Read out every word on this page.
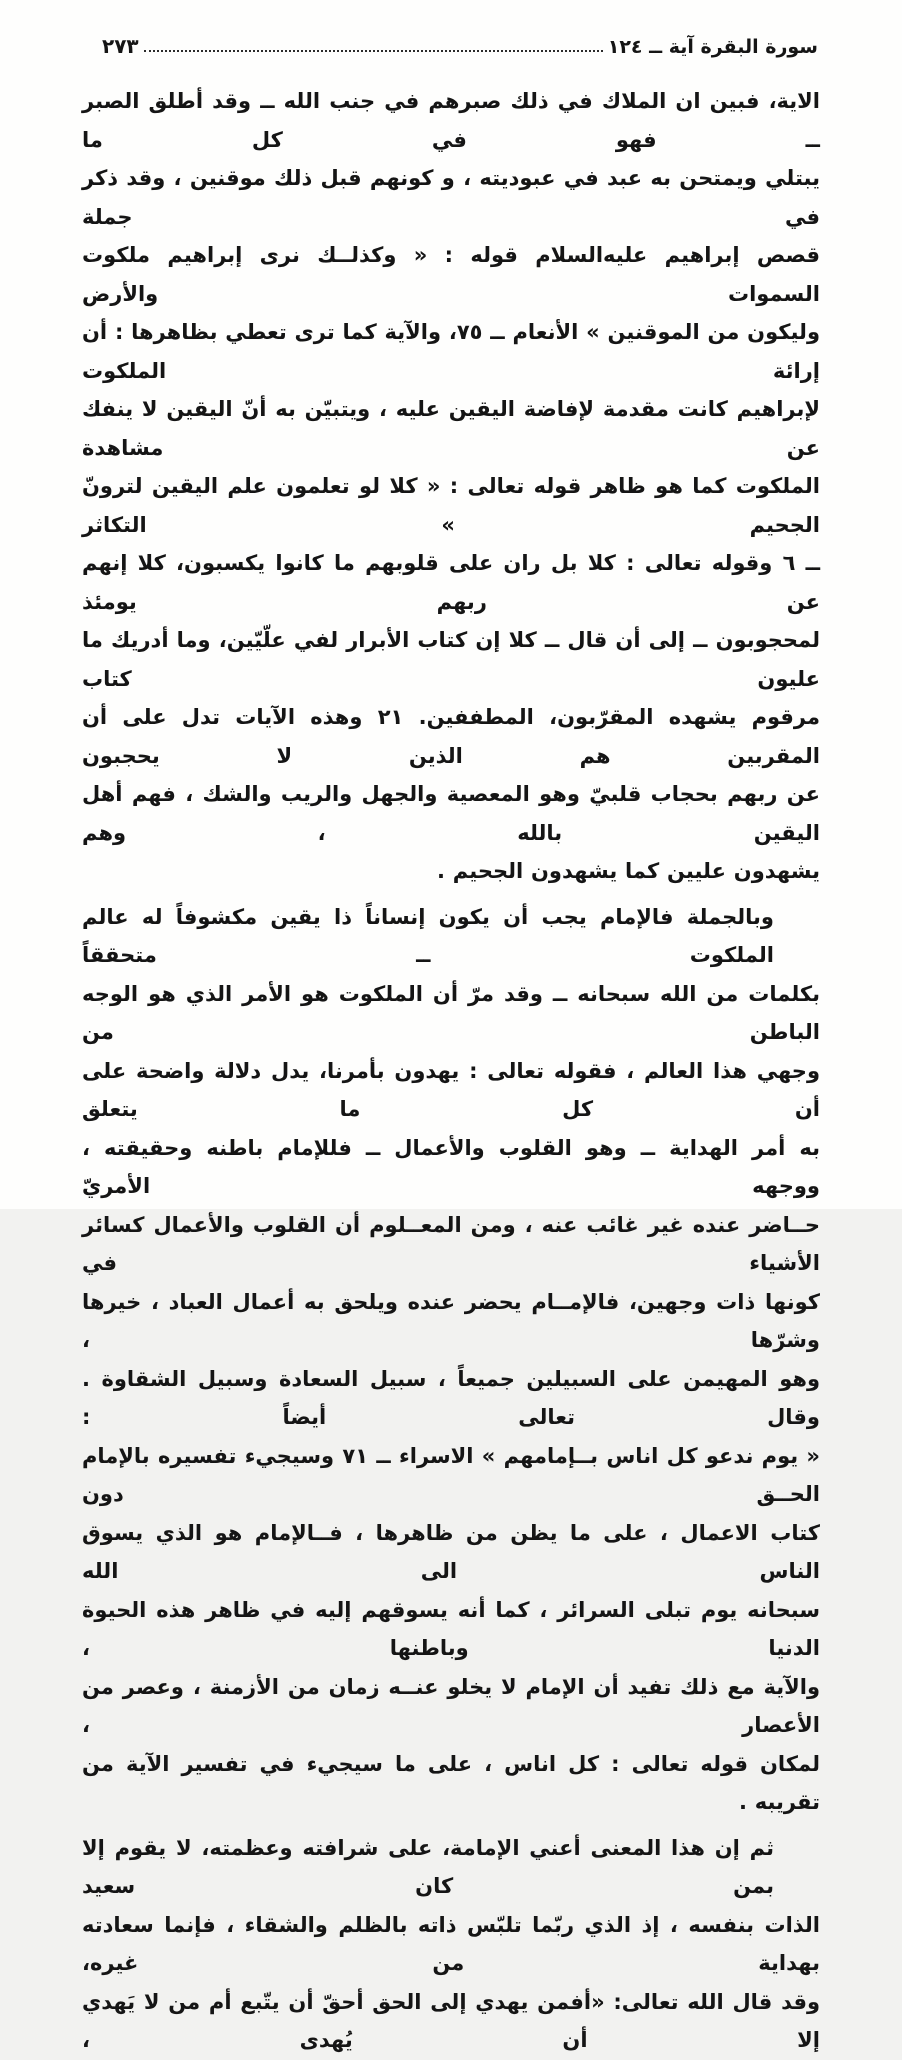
سورة البقرة آية ــ ١٢٤
٢٧٣
الاية، فبين ان الملاك في ذلك صبرهم في جنب الله ــ وقد أطلق الصبر ــ فهو في كل ما
يبتلي ويمتحن به عبد في عبوديته ، و كونهم قبل ذلك موقنين ، وقد ذكر في جملة
قصص إبراهيم عليه‌السلام قوله : « وكذلــك نرى إبراهيم ملكوت السموات والأرض
وليكون من الموقنين » الأنعام ــ ٧٥، والآية كما ترى تعطي بظاهرها : أن إرائة الملكوت
لإبراهيم كانت مقدمة لإفاضة اليقين عليه ، ويتبيّن به أنّ اليقين لا ينفك عن مشاهدة
الملكوت كما هو ظاهر قوله تعالى : « كلا لو تعلمون علم اليقين لترونّ الجحيم » التكاثر
ــ ٦ وقوله تعالى : كلا بل ران على قلوبهم ما كانوا يكسبون، كلا إنهم عن ربهم يومئذ
لمحجوبون ــ إلى أن قال ــ كلا إن كتاب الأبرار لفي علّيّين، وما أدريك ما عليون كتاب
مرقوم يشهده المقرّبون، المطففين. ٢١ وهذه الآيات تدل على أن المقربين هم الذين لا يحجبون
عن ربهم بحجاب قلبيّ وهو المعصية والجهل والريب والشك ، فهم أهل اليقين بالله ، وهم
يشهدون عليين كما يشهدون الجحيم .
وبالجملة فالإمام يجب أن يكون إنساناً ذا يقين مكشوفاً له عالم الملكوت ــ متحققاً
بكلمات من الله سبحانه ــ وقد مرّ أن الملكوت هو الأمر الذي هو الوجه الباطن من
وجهي هذا العالم ، فقوله تعالى : يهدون بأمرنا، يدل دلالة واضحة على أن كل ما يتعلق
به أمر الهداية ــ وهو القلوب والأعمال ــ فللإمام باطنه وحقيقته ، ووجهه الأمريّ
حــاضر عنده غير غائب عنه ، ومن المعــلوم أن القلوب والأعمال كسائر الأشياء في
كونها ذات وجهين، فالإمــام يحضر عنده ويلحق به أعمال العباد ، خيرها وشرّها ،
وهو المهيمن على السبيلين جميعاً ، سبيل السعادة وسبيل الشقاوة . وقال تعالى أيضاً :
« يوم ندعو كل اناس بــإمامهم » الاسراء ــ ٧١ وسيجيء تفسيره بالإمام الحــق دون
كتاب الاعمال ، على ما يظن من ظاهرها ، فــالإمام هو الذي يسوق الناس الى الله
سبحانه يوم تبلى السرائر ، كما أنه يسوقهم إليه في ظاهر هذه الحيوة الدنيا وباطنها ،
والآية مع ذلك تفيد أن الإمام لا يخلو عنــه زمان من الأزمنة ، وعصر من الأعصار ،
لمكان قوله تعالى : كل اناس ، على ما سيجيء في تفسير الآية من تقريبه .
ثم إن هذا المعنى أعني الإمامة، على شرافته وعظمته، لا يقوم إلا بمن كان سعيد
الذات بنفسه ، إذ الذي ربّما تلبّس ذاته بالظلم والشقاء ، فإنما سعادته بهداية من غيره،
وقد قال الله تعالى: «أفمن يهدي إلى الحق أحقّ أن يتّبع أم من لا يَهدي إلا أن يُهدى ،
